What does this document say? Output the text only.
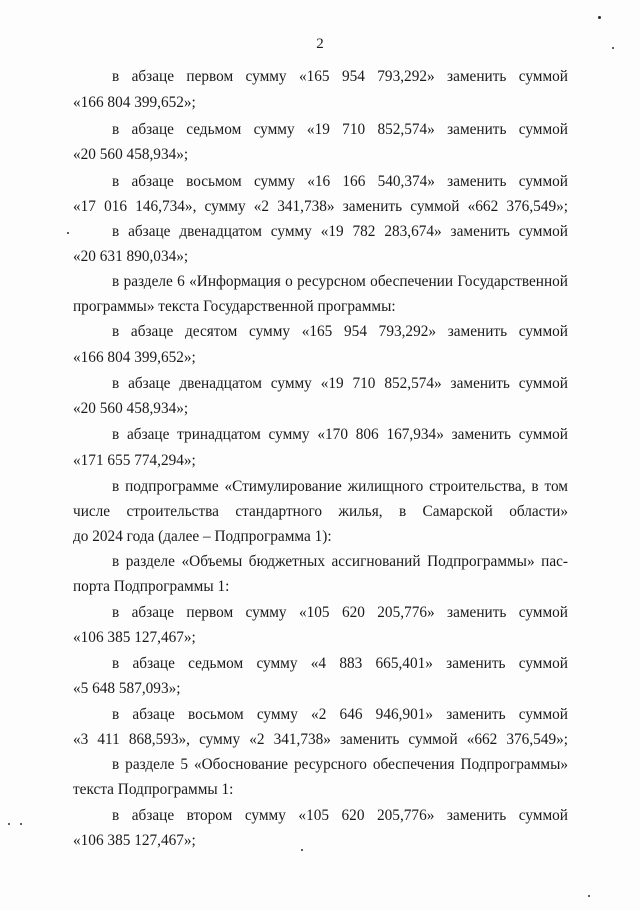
2
в абзаце первом сумму «165 954 793,292» заменить суммой
«166 804 399,652»;
в абзаце седьмом сумму «19 710 852,574» заменить суммой
«20 560 458,934»;
в абзаце восьмом сумму «16 166 540,374» заменить суммой
«17 016 146,734», сумму «2 341,738» заменить суммой «662 376,549»;
в абзаце двенадцатом сумму «19 782 283,674» заменить суммой
«20 631 890,034»;
в разделе 6 «Информация о ресурсном обеспечении Государственной
программы» текста Государственной программы:
в абзаце десятом сумму «165 954 793,292» заменить суммой
«166 804 399,652»;
в абзаце двенадцатом сумму «19 710 852,574» заменить суммой
«20 560 458,934»;
в абзаце тринадцатом сумму «170 806 167,934» заменить суммой
«171 655 774,294»;
в подпрограмме «Стимулирование жилищного строительства, в том
числе строительства стандартного жилья, в Самарской области»
до 2024 года (далее – Подпрограмма 1):
в разделе «Объемы бюджетных ассигнований Подпрограммы» пас-
порта Подпрограммы 1:
в абзаце первом сумму «105 620 205,776» заменить суммой
«106 385 127,467»;
в абзаце седьмом сумму «4 883 665,401» заменить суммой
«5 648 587,093»;
в абзаце восьмом сумму «2 646 946,901» заменить суммой
«3 411 868,593», сумму «2 341,738» заменить суммой «662 376,549»;
в разделе 5 «Обоснование ресурсного обеспечения Подпрограммы»
текста Подпрограммы 1:
в абзаце втором сумму «105 620 205,776» заменить суммой
«106 385 127,467»;
